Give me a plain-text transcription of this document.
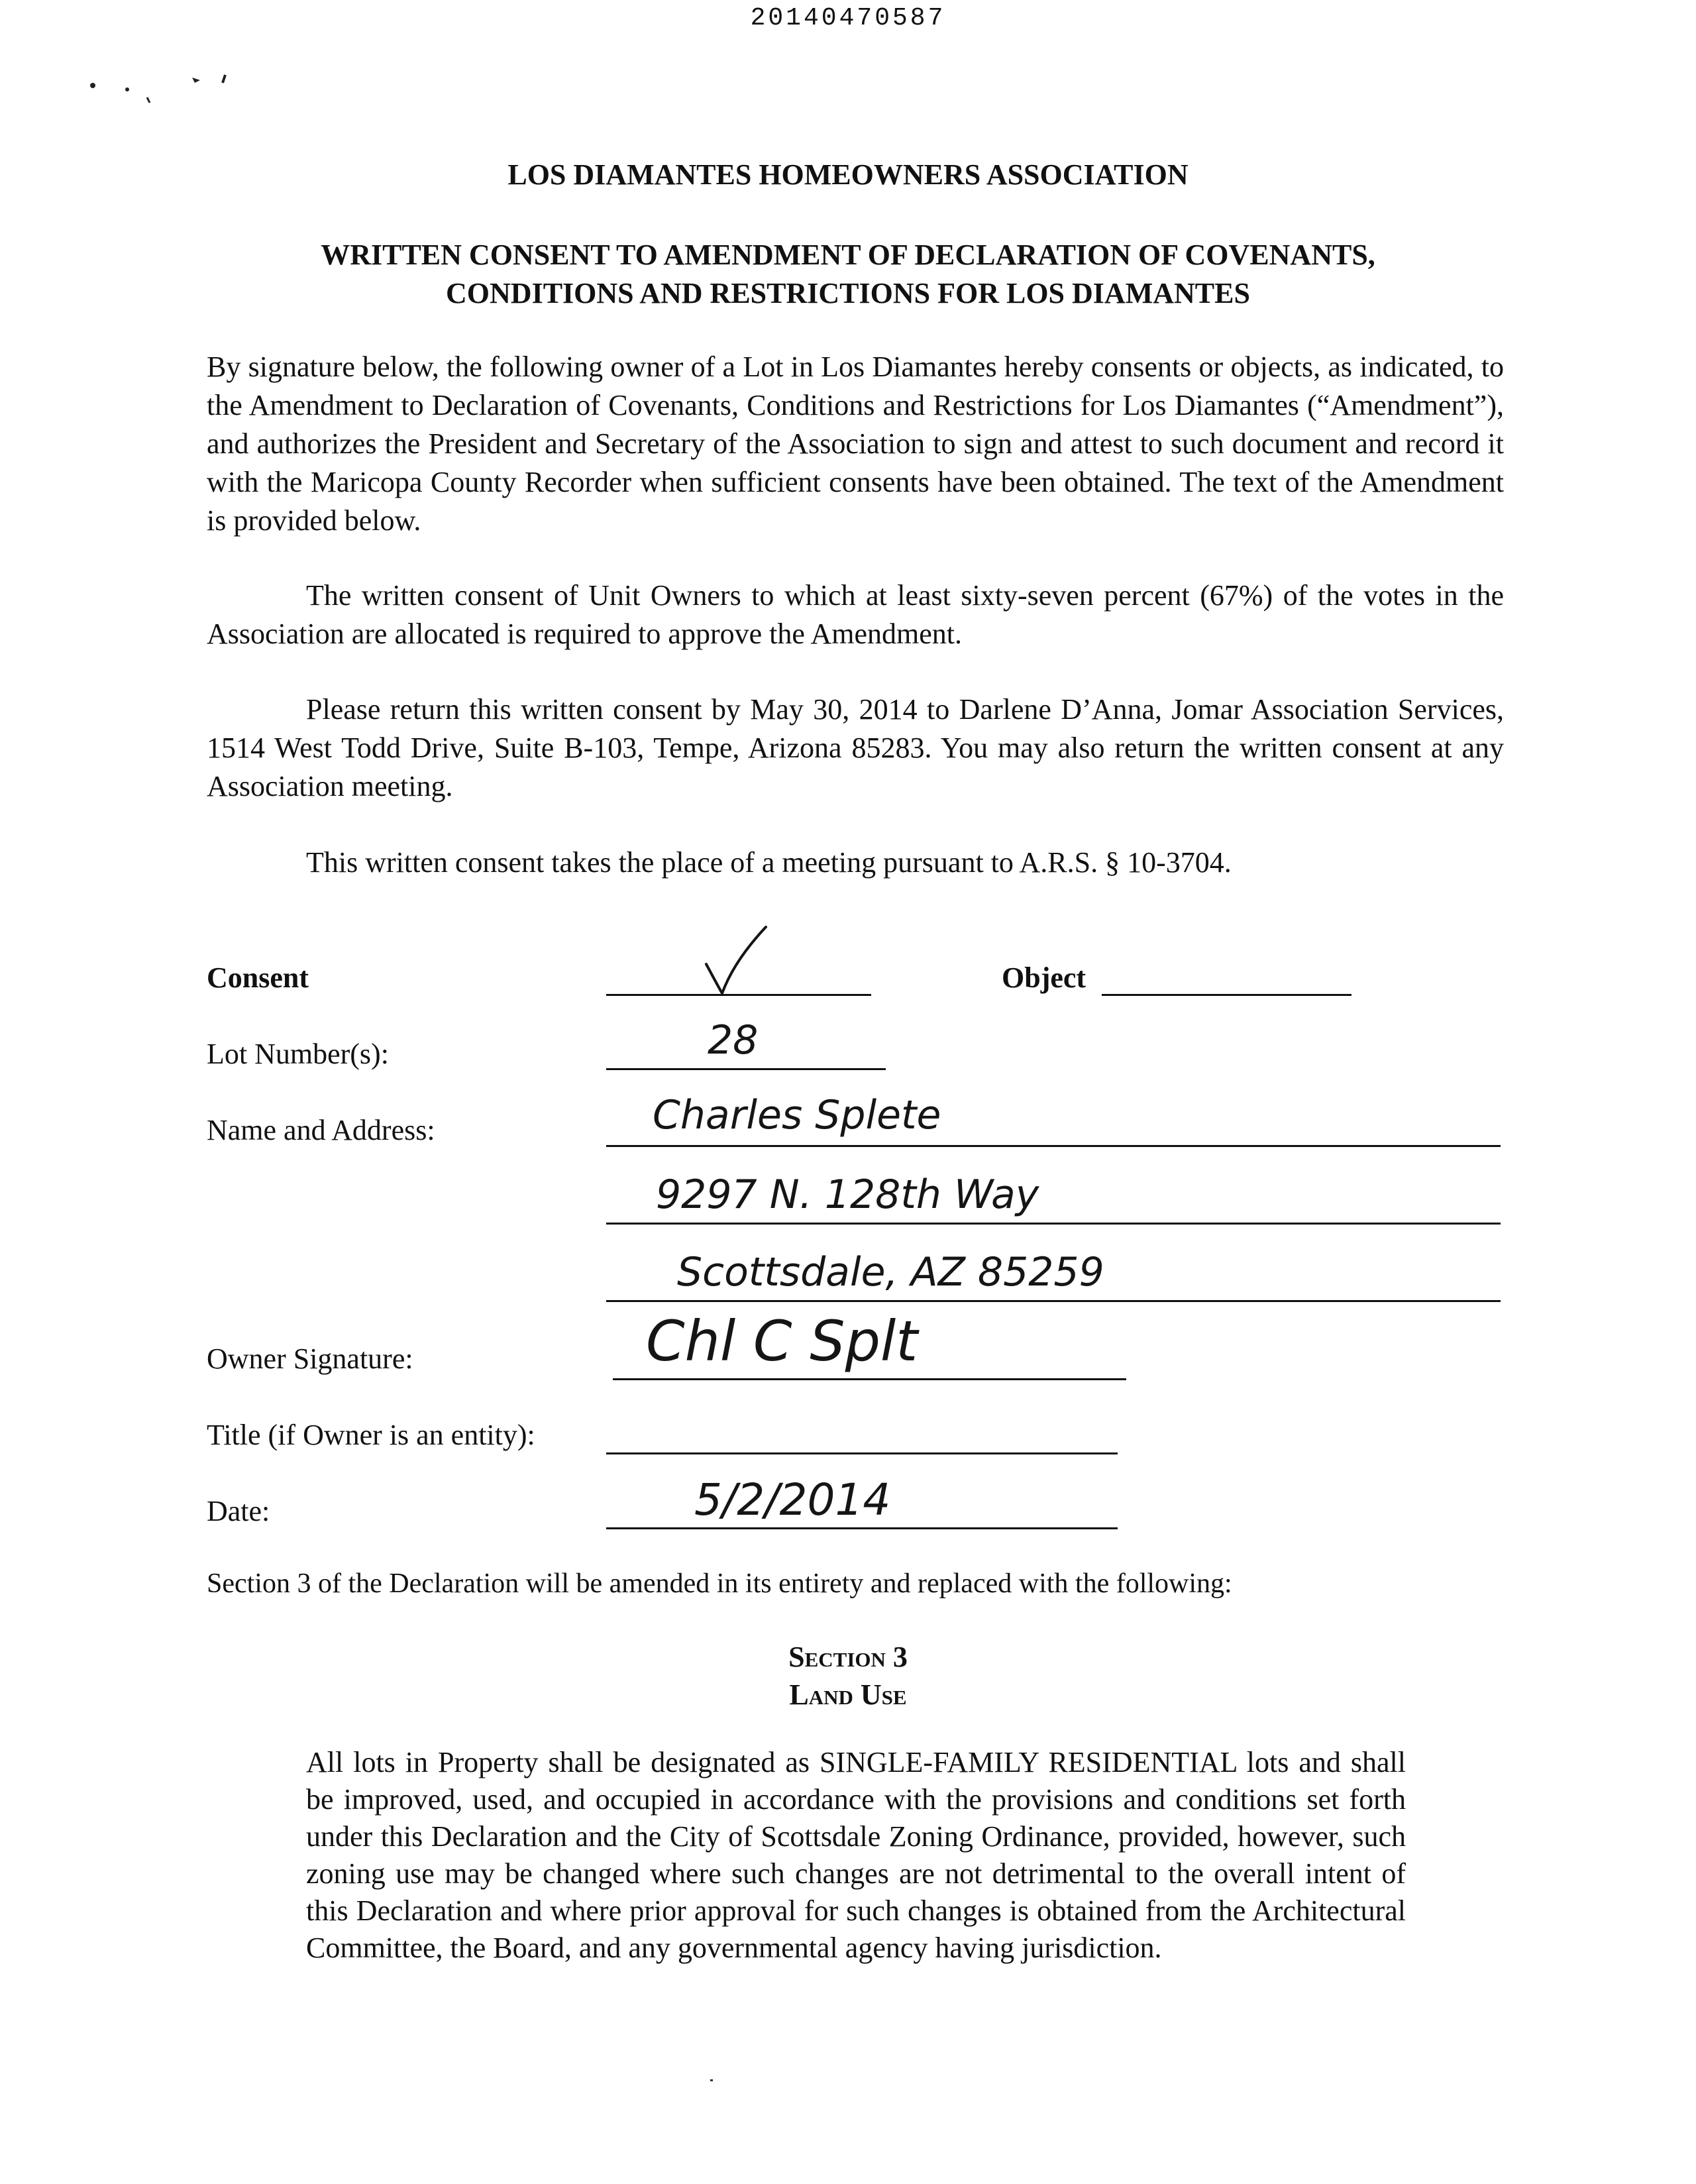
20140470587
LOS DIAMANTES HOMEOWNERS ASSOCIATION
WRITTEN CONSENT TO AMENDMENT OF DECLARATION OF COVENANTS,
CONDITIONS AND RESTRICTIONS FOR LOS DIAMANTES

By signature below, the following owner of a Lot in Los Diamantes hereby consents or objects, as indicated, to the Amendment to Declaration of Covenants, Conditions and Restrictions for Los Diamantes (“Amendment”), and authorizes the President and Secretary of the Association to sign and attest to such document and record it with the Maricopa County Recorder when sufficient consents have been obtained. The text of the Amendment is provided below.

The written consent of Unit Owners to which at least sixty-seven percent (67%) of the votes in the Association are allocated is required to approve the Amendment.

Please return this written consent by May 30, 2014 to Darlene D’Anna, Jomar Association Services, 1514 West Todd Drive, Suite B-103, Tempe, Arizona 85283. You may also return the written consent at any Association meeting.

This written consent takes the place of a meeting pursuant to A.R.S. § 10-3704.

Consent	Object
Lot Number(s):	28
Name and Address:	Charles Splete
9297 N. 128th Way
Scottsdale, AZ 85259
Owner Signature:	Chl C Splt
Title (if Owner is an entity):
Date:	5/2/2014
Section 3 of the Declaration will be amended in its entirety and replaced with the following:
Section 3
Land Use

All lots in Property shall be designated as SINGLE-FAMILY RESIDENTIAL lots and shall be improved, used, and occupied in accordance with the provisions and conditions set forth under this Declaration and the City of Scottsdale Zoning Ordinance, provided, however, such zoning use may be changed where such changes are not detrimental to the overall intent of this Declaration and where prior approval for such changes is obtained from the Architectural Committee, the Board, and any governmental agency having jurisdiction.
